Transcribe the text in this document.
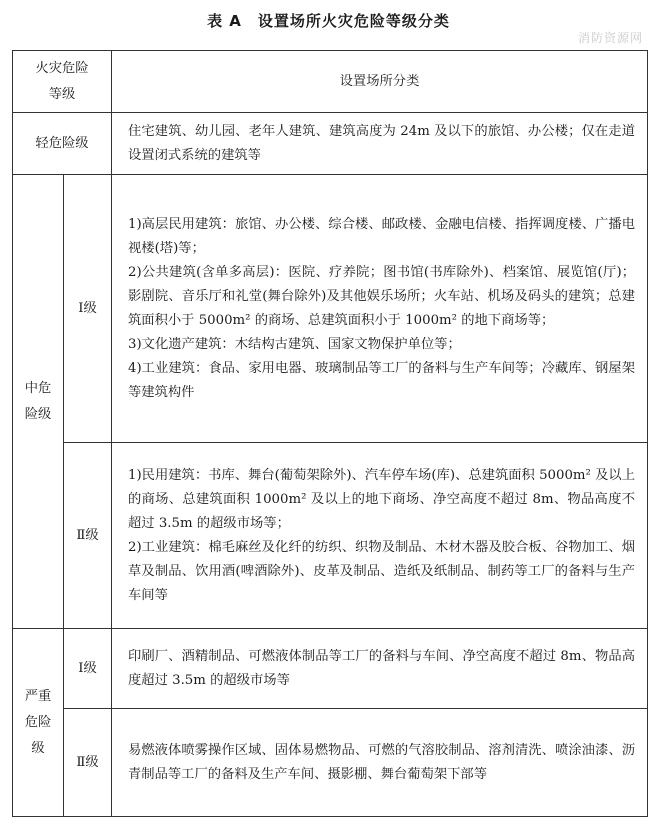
表 A　设置场所火灾危险等级分类
消防资源网
火灾危险
等级		设置场所分类
轻危险级		住宅建筑、幼儿园、老年人建筑、建筑高度为 24m 及以下的旅馆、办公楼；仅在走道设置闭式系统的建筑等
中危险级	Ⅰ级	1)高层民用建筑：旅馆、办公楼、综合楼、邮政楼、金融电信楼、指挥调度楼、广播电视楼(塔)等；
2)公共建筑(含单多高层)：医院、疗养院；图书馆(书库除外)、档案馆、展览馆(厅)；影剧院、音乐厅和礼堂(舞台除外)及其他娱乐场所；火车站、机场及码头的建筑；总建筑面积小于 5000m² 的商场、总建筑面积小于 1000m² 的地下商场等；
3)文化遗产建筑：木结构古建筑、国家文物保护单位等；
4)工业建筑：食品、家用电器、玻璃制品等工厂的备料与生产车间等；冷藏库、钢屋架等建筑构件

	Ⅱ级	1)民用建筑：书库、舞台(葡萄架除外)、汽车停车场(库)、总建筑面积 5000m² 及以上的商场、总建筑面积 1000m² 及以上的地下商场、净空高度不超过 8m、物品高度不超过 3.5m 的超级市场等；
2)工业建筑：棉毛麻丝及化纤的纺织、织物及制品、木材木器及胶合板、谷物加工、烟草及制品、饮用酒(啤酒除外)、皮革及制品、造纸及纸制品、制药等工厂的备料与生产车间等

严重危险级	Ⅰ级	印刷厂、酒精制品、可燃液体制品等工厂的备料与车间、净空高度不超过 8m、物品高度超过 3.5m 的超级市场等
	Ⅱ级	易燃液体喷雾操作区域、固体易燃物品、可燃的气溶胶制品、溶剂清洗、喷涂油漆、沥青制品等工厂的备料及生产车间、摄影棚、舞台葡萄架下部等
